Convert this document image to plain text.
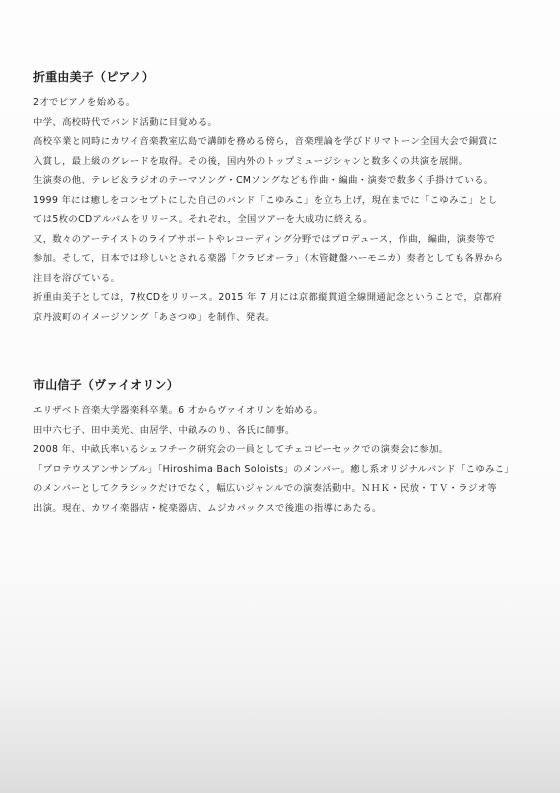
折重由美子（ピアノ）

2才でピアノを始める。

中学、高校時代でバンド活動に目覚める。

高校卒業と同時にカワイ音楽教室広島で講師を務める傍ら，音楽理論を学びドリマトーン全国大会で銅賞に

入賞し，最上級のグレードを取得。その後，国内外のトップミュージシャンと数多くの共演を展開。

生演奏の他、テレビ＆ラジオのテーマソング・CMソングなども作曲・編曲・演奏で数多く手掛けている。

1999 年には癒しをコンセプトにした自己のバンド「こゆみこ」を立ち上げ，現在までに「こゆみこ」とし

ては5枚のCDアルバムをリリース。それぞれ，全国ツアーを大成功に終える。

又，数々のアーテイストのライブサポートやレコーディング分野ではプロデュース，作曲，編曲，演奏等で

参加。そして，日本では珍しいとされる楽器「クラビオーラ」（木管鍵盤ハーモニカ）奏者としても各界から

注目を浴びている。

折重由美子としては，7枚CDをリリース。2015 年 7 月には京都縦貫道全線開通記念ということで，京都府

京丹波町のイメージソング「あさつゆ」を制作、発表。

市山信子（ヴァイオリン）

エリザベト音楽大学器楽科卒業。6 才からヴァイオリンを始める。

田中六七子、田中美光、由居学、中畝みのり、各氏に師事。

2008 年、中畝氏率いるシェフチーク研究会の一員としてチェコピーセックでの演奏会に参加。

「プロテウスアンサンブル」「Hiroshima Bach Soloists」のメンバー。癒し系オリジナルバンド「こゆみこ」

のメンバーとしてクラシックだけでなく，幅広いジャンルでの演奏活動中。ＮＨＫ・民放・ＴＶ・ラジオ等

出演。現在、カワイ楽器店・椗楽器店、ムジカパックスで後進の指導にあたる。
